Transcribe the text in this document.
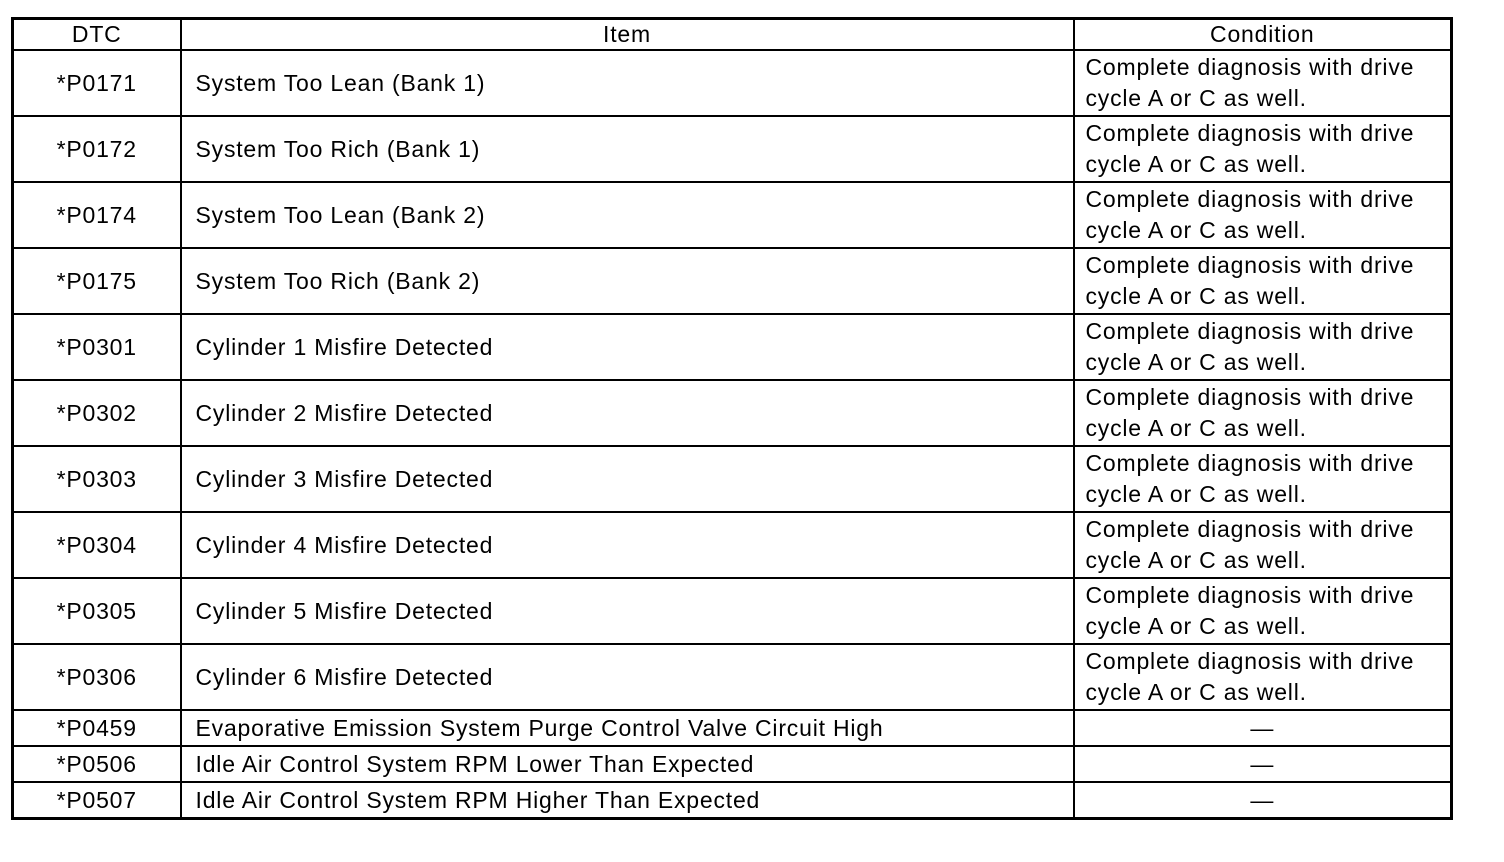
DTC	Item	Condition
*P0171	System Too Lean (Bank 1)	Complete diagnosis with drive cycle A or C as well.
*P0172	System Too Rich (Bank 1)	Complete diagnosis with drive cycle A or C as well.
*P0174	System Too Lean (Bank 2)	Complete diagnosis with drive cycle A or C as well.
*P0175	System Too Rich (Bank 2)	Complete diagnosis with drive cycle A or C as well.
*P0301	Cylinder 1 Misfire Detected	Complete diagnosis with drive cycle A or C as well.
*P0302	Cylinder 2 Misfire Detected	Complete diagnosis with drive cycle A or C as well.
*P0303	Cylinder 3 Misfire Detected	Complete diagnosis with drive cycle A or C as well.
*P0304	Cylinder 4 Misfire Detected	Complete diagnosis with drive cycle A or C as well.
*P0305	Cylinder 5 Misfire Detected	Complete diagnosis with drive cycle A or C as well.
*P0306	Cylinder 6 Misfire Detected	Complete diagnosis with drive cycle A or C as well.
*P0459	Evaporative Emission System Purge Control Valve Circuit High	—
*P0506	Idle Air Control System RPM Lower Than Expected	—
*P0507	Idle Air Control System RPM Higher Than Expected	—
